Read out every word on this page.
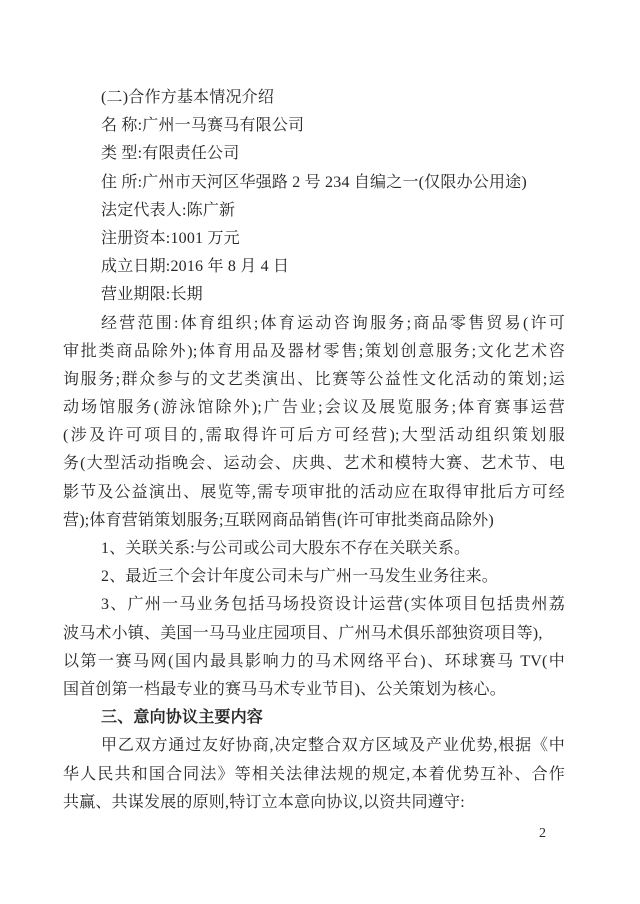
(二)合作方基本情况介绍
名 称:广州一马赛马有限公司
类 型:有限责任公司
住 所:广州市天河区华强路 2 号 234 自编之一(仅限办公用途)
法定代表人:陈广新
注册资本:1001 万元
成立日期:2016 年 8 月 4 日
营业期限:长期
经营范围:体育组织;体育运动咨询服务;商品零售贸易(许可
审批类商品除外);体育用品及器材零售;策划创意服务;文化艺术咨
询服务;群众参与的文艺类演出、比赛等公益性文化活动的策划;运
动场馆服务(游泳馆除外);广告业;会议及展览服务;体育赛事运营
(涉及许可项目的,需取得许可后方可经营);大型活动组织策划服
务(大型活动指晚会、运动会、庆典、艺术和模特大赛、艺术节、电
影节及公益演出、展览等,需专项审批的活动应在取得审批后方可经
营);体育营销策划服务;互联网商品销售(许可审批类商品除外)
1、关联关系:与公司或公司大股东不存在关联关系。
2、最近三个会计年度公司未与广州一马发生业务往来。
3、广州一马业务包括马场投资设计运营(实体项目包括贵州荔
波马术小镇、美国一马马业庄园项目、广州马术俱乐部独资项目等),
以第一赛马网(国内最具影响力的马术网络平台)、环球赛马 TV(中
国首创第一档最专业的赛马马术专业节目)、公关策划为核心。
三、意向协议主要内容
甲乙双方通过友好协商,决定整合双方区域及产业优势,根据《中
华人民共和国合同法》等相关法律法规的规定,本着优势互补、合作
共赢、共谋发展的原则,特订立本意向协议,以资共同遵守:
2
